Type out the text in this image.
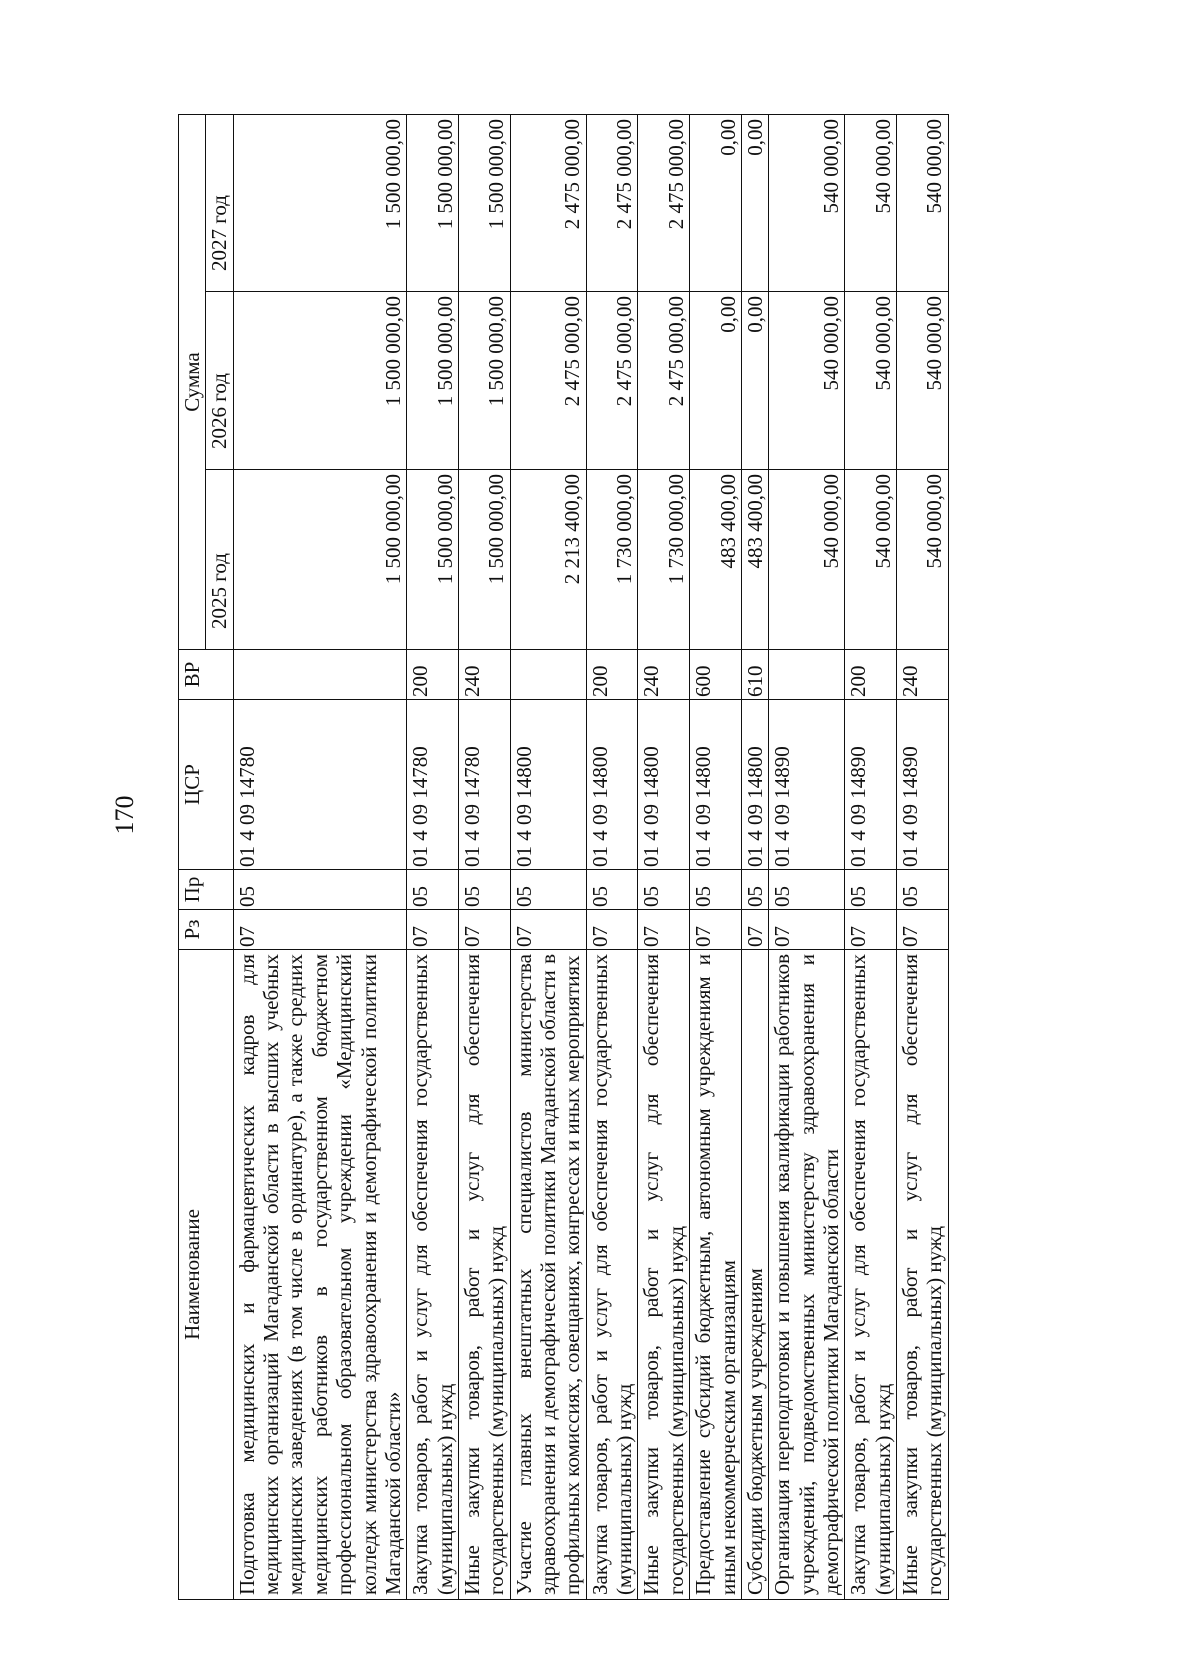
170
Наименование	Рз	Пр	ЦСР	ВР	Сумма		
					2025 год	2026 год	2027 год
Подготовка медицинских и фармацевтических кадров для медицинских организаций Магаданской области в высших учебных медицинских заведениях (в том числе в ординатуре), а также средних медицинских работников в государственном бюджетном профессиональном образовательном учреждении «Медицинский колледж министерства здравоохранения и демографической политики Магаданской области»	07	05	01 4 09 14780		1 500 000,00	1 500 000,00	1 500 000,00
Закупка товаров, работ и услуг для обеспечения государственных (муниципальных) нужд	07	05	01 4 09 14780	200	1 500 000,00	1 500 000,00	1 500 000,00
Иные закупки товаров, работ и услуг для обеспечения государственных (муниципальных) нужд	07	05	01 4 09 14780	240	1 500 000,00	1 500 000,00	1 500 000,00
Участие главных внештатных специалистов министерства здравоохранения и демографической политики Магаданской области в профильных комиссиях, совещаниях, конгрессах и иных мероприятиях	07	05	01 4 09 14800		2 213 400,00	2 475 000,00	2 475 000,00
Закупка товаров, работ и услуг для обеспечения государственных (муниципальных) нужд	07	05	01 4 09 14800	200	1 730 000,00	2 475 000,00	2 475 000,00
Иные закупки товаров, работ и услуг для обеспечения государственных (муниципальных) нужд	07	05	01 4 09 14800	240	1 730 000,00	2 475 000,00	2 475 000,00
Предоставление субсидий бюджетным, автономным учреждениям и иным некоммерческим организациям	07	05	01 4 09 14800	600	483 400,00	0,00	0,00
Субсидии бюджетным учреждениям	07	05	01 4 09 14800	610	483 400,00	0,00	0,00
Организация переподготовки и повышения квалификации работников учреждений, подведомственных министерству здравоохранения и демографической политики Магаданской области	07	05	01 4 09 14890		540 000,00	540 000,00	540 000,00
Закупка товаров, работ и услуг для обеспечения государственных (муниципальных) нужд	07	05	01 4 09 14890	200	540 000,00	540 000,00	540 000,00
Иные закупки товаров, работ и услуг для обеспечения государственных (муниципальных) нужд	07	05	01 4 09 14890	240	540 000,00	540 000,00	540 000,00
